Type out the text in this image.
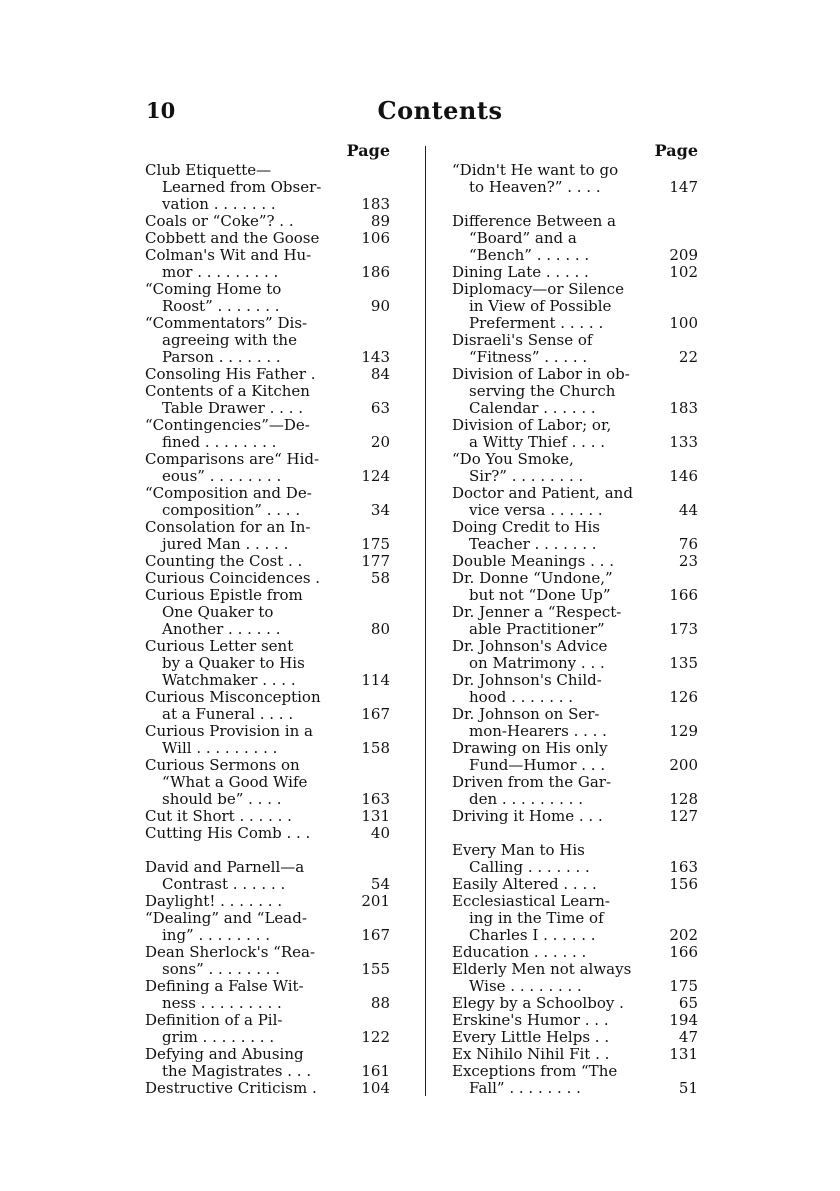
10	Contents
Page
Club Etiquette—
Learned from Obser-
vation . . . . . . .	183
Coals or “Coke”? . .	89
Cobbett and the Goose	106
Colman's Wit and Hu-
mor . . . . . . . . .	186
“Coming Home to
Roost” . . . . . . .	90
“Commentators” Dis-
agreeing with the
Parson . . . . . . .	143
Consoling His Father .	84
Contents of a Kitchen
Table Drawer . . . .	63
“Contingencies”—De-
fined . . . . . . . .	20
Comparisons are“ Hid-
eous” . . . . . . . .	124
“Composition and De-
composition” . . . .	34
Consolation for an In-
jured Man . . . . .	175
Counting the Cost . .	177
Curious Coincidences .	58
Curious Epistle from
One Quaker to
Another . . . . . .	80
Curious Letter sent
by a Quaker to His
Watchmaker . . . .	114
Curious Misconception
at a Funeral . . . .	167
Curious Provision in a
Will . . . . . . . . .	158
Curious Sermons on
“What a Good Wife
should be” . . . .	163
Cut it Short . . . . . .	131
Cutting His Comb . . .	40
David and Parnell—a
Contrast . . . . . .	54
Daylight! . . . . . . .	201
“Dealing” and “Lead-
ing” . . . . . . . .	167
Dean Sherlock's “Rea-
sons” . . . . . . . .	155
Defining a False Wit-
ness . . . . . . . . .	88
Definition of a Pil-
grim . . . . . . . .	122
Defying and Abusing
the Magistrates . . .	161
Destructive Criticism .	104
Page
“Didn't He want to go
to Heaven?” . . . .	147
Difference Between a
“Board” and a
“Bench” . . . . . .	209
Dining Late . . . . .	102
Diplomacy—or Silence
in View of Possible
Preferment . . . . .	100
Disraeli's Sense of
“Fitness” . . . . .	22
Division of Labor in ob-
serving the Church
Calendar . . . . . .	183
Division of Labor; or,
a Witty Thief . . . .	133
“Do You Smoke,
Sir?” . . . . . . . .	146
Doctor and Patient, and
vice versa . . . . . .	44
Doing Credit to His
Teacher . . . . . . .	76
Double Meanings . . .	23
Dr. Donne “Undone,”
but not “Done Up”	166
Dr. Jenner a “Respect-
able Practitioner”	173
Dr. Johnson's Advice
on Matrimony . . .	135
Dr. Johnson's Child-
hood . . . . . . .	126
Dr. Johnson on Ser-
mon-Hearers . . . .	129
Drawing on His only
Fund—Humor . . .	200
Driven from the Gar-
den . . . . . . . . .	128
Driving it Home . . .	127
Every Man to His
Calling . . . . . . .	163
Easily Altered . . . .	156
Ecclesiastical Learn-
ing in the Time of
Charles I . . . . . .	202
Education . . . . . .	166
Elderly Men not always
Wise . . . . . . . .	175
Elegy by a Schoolboy .	65
Erskine's Humor . . .	194
Every Little Helps . .	47
Ex Nihilo Nihil Fit . .	131
Exceptions from “The
Fall” . . . . . . . .	51
